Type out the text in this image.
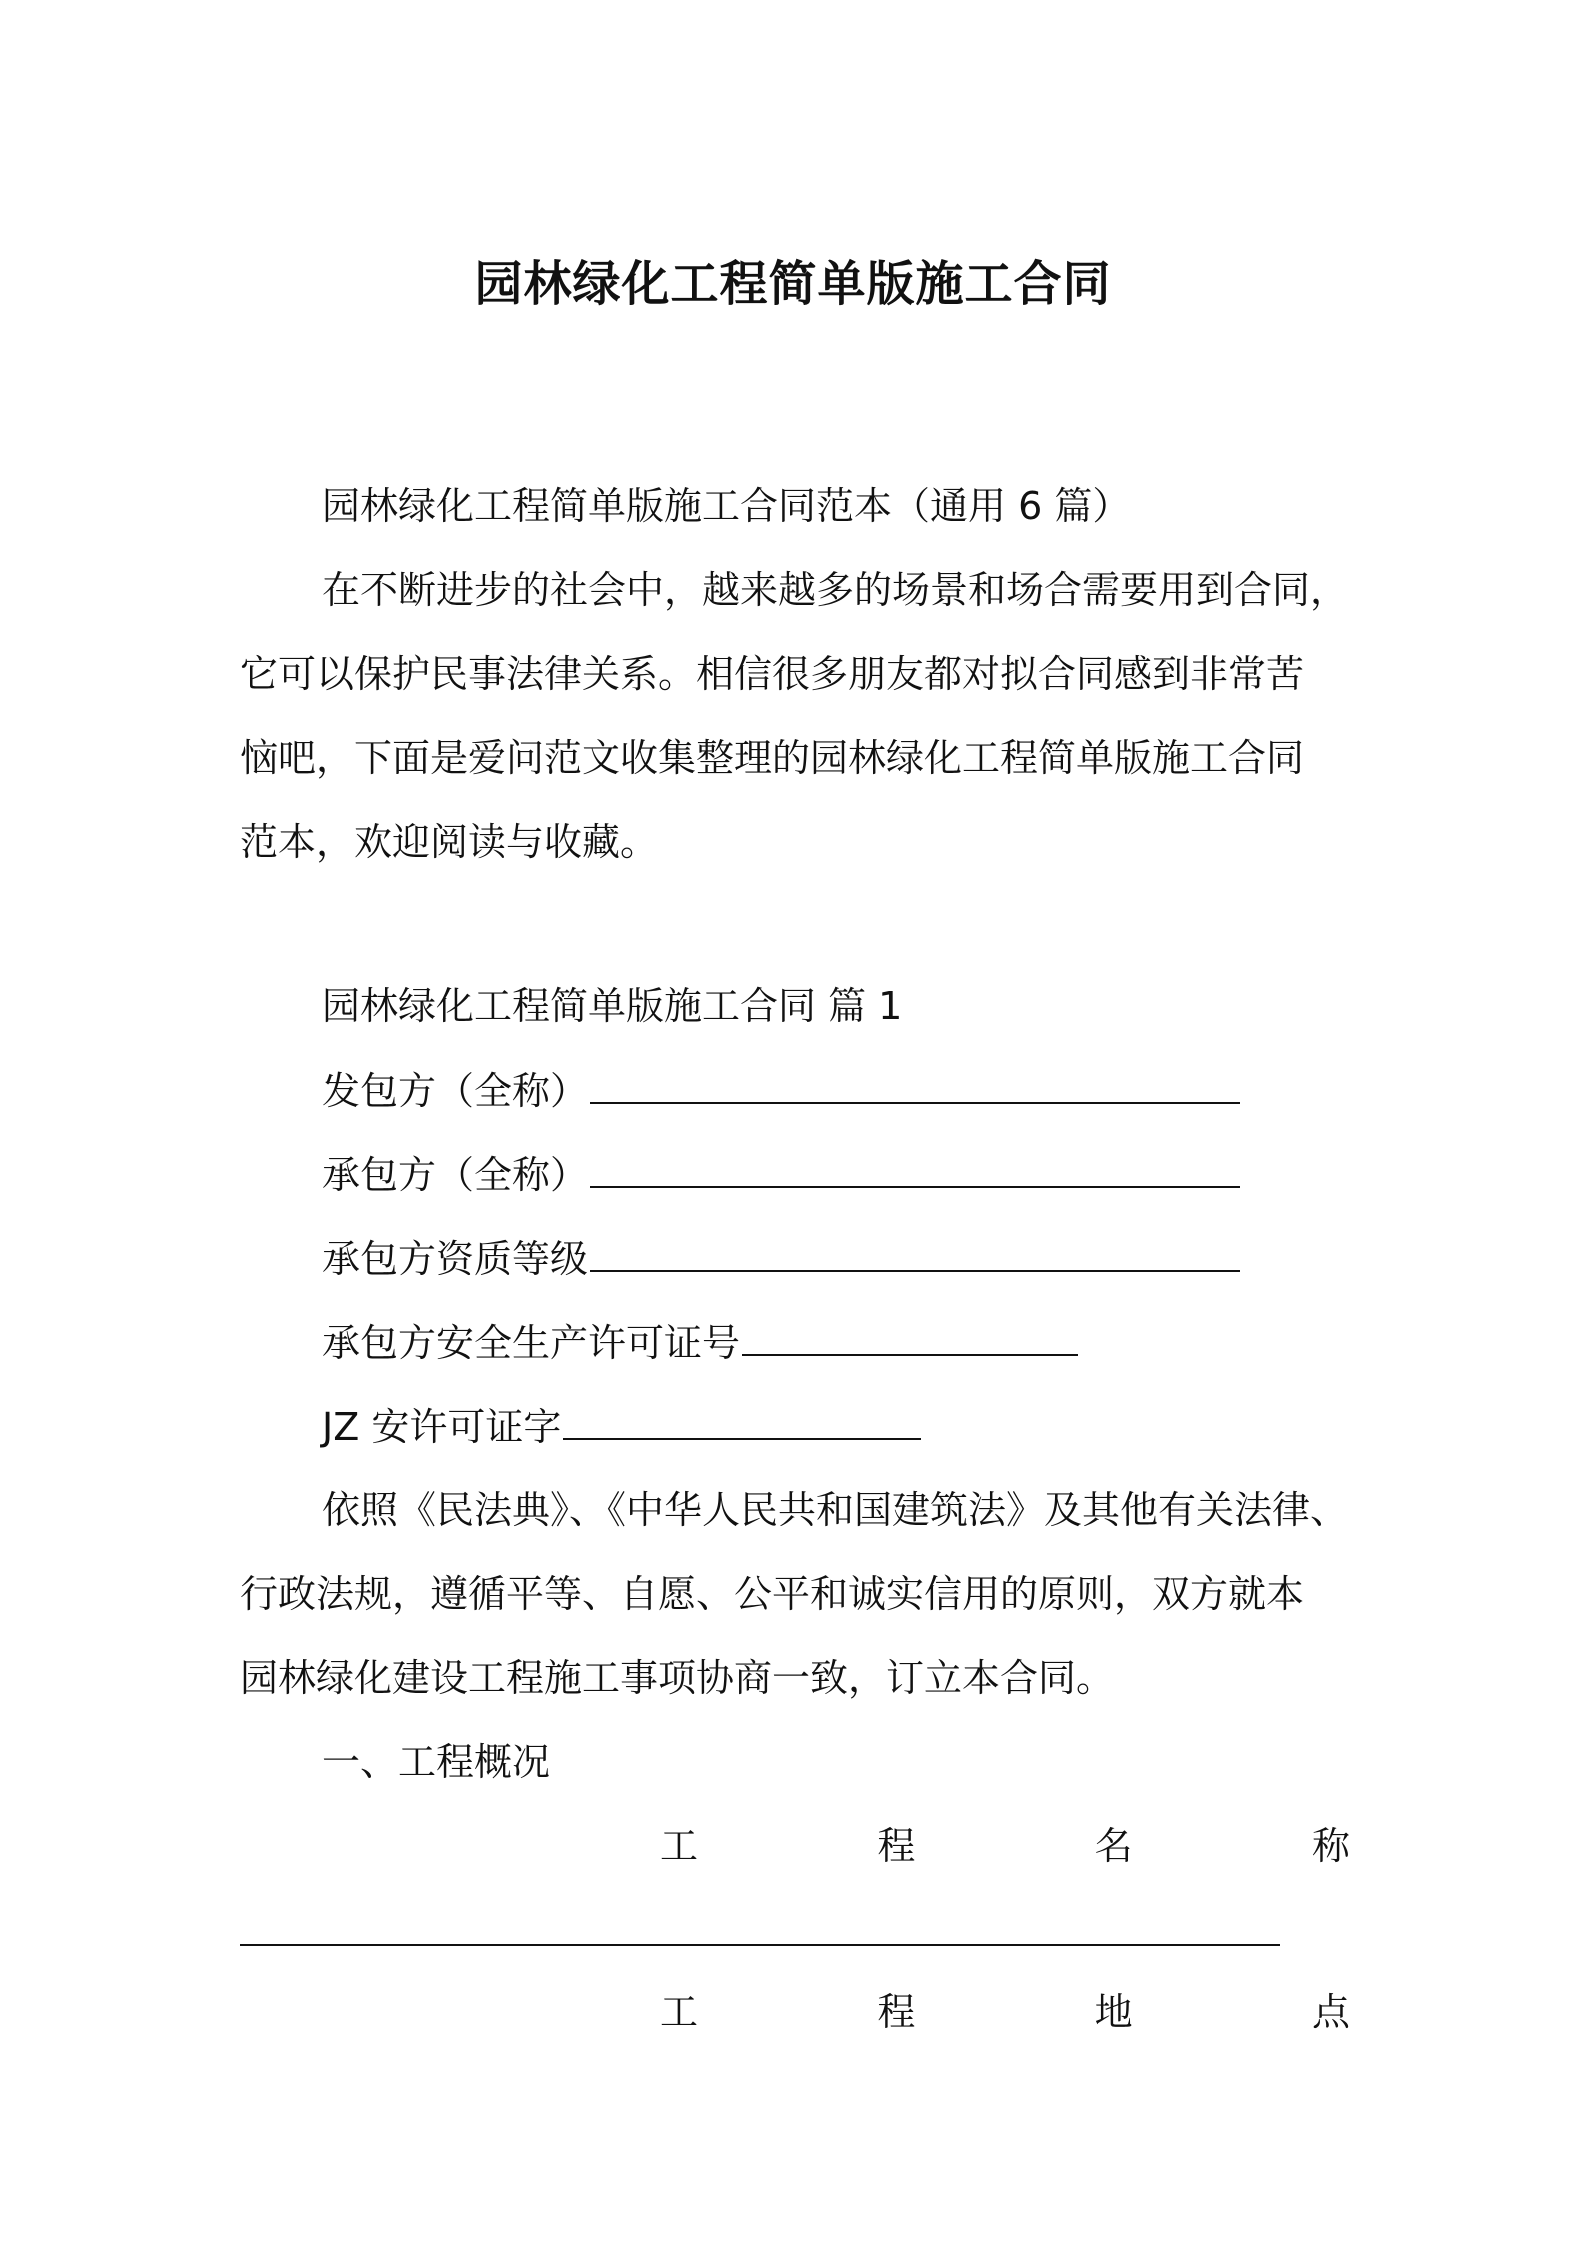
园林绿化工程简单版施工合同
园林绿化工程简单版施工合同范本（通用 6 篇）
在不断进步的社会中，越来越多的场景和场合需要用到合同，
它可以保护民事法律关系。相信很多朋友都对拟合同感到非常苦
恼吧，下面是爱问范文收集整理的园林绿化工程简单版施工合同
范本，欢迎阅读与收藏。
园林绿化工程简单版施工合同 篇 1
发包方（全称）
承包方（全称）
承包方资质等级
承包方安全生产许可证号
JZ 安许可证字
依照《民法典》、《中华人民共和国建筑法》及其他有关法律、
行政法规，遵循平等、自愿、公平和诚实信用的原则，双方就本
园林绿化建设工程施工事项协商一致，订立本合同。
一、工程概况
工	程	名	称
工	程	地	点
